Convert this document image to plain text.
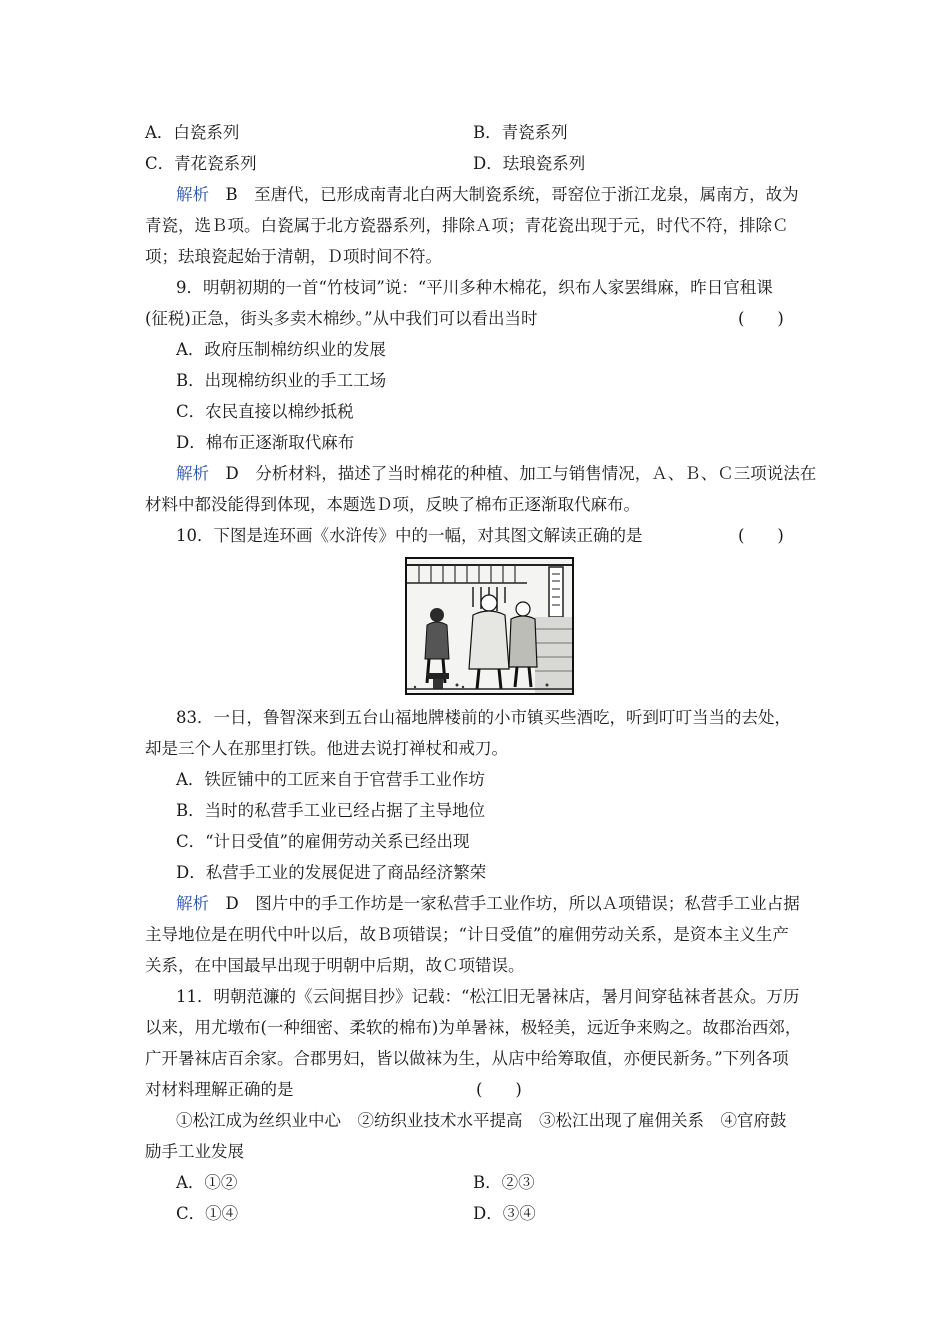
A．白瓷系列	B．青瓷系列
C．青花瓷系列	D．珐琅瓷系列
解析　 B　至唐代，已形成南青北白两大制瓷系统，哥窑位于浙江龙泉，属南方，故为
青瓷，选Ｂ项。白瓷属于北方瓷器系列，排除Ａ项；青花瓷出现于元，时代不符，排除Ｃ
项；珐琅瓷起始于清朝，Ｄ项时间不符。
9．明朝初期的一首“竹枝词”说：“平川多种木棉花，织布人家罢缉麻，昨日官租课
(征税)正急，街头多卖木棉纱。”从中我们可以看出当时	(　　)
A．政府压制棉纺织业的发展
B．出现棉纺织业的手工工场
C．农民直接以棉纱抵税
D．棉布正逐渐取代麻布
解析　 D　分析材料，描述了当时棉花的种植、加工与销售情况，Ａ、Ｂ、Ｃ三项说法在
材料中都没能得到体现，本题选Ｄ项，反映了棉布正逐渐取代麻布。
10．下图是连环画《水浒传》中的一幅，对其图文解读正确的是	(　　)
83．一日，鲁智深来到五台山福地牌楼前的小市镇买些酒吃，听到叮叮当当的去处，
却是三个人在那里打铁。他进去说打禅杖和戒刀。
A．铁匠铺中的工匠来自于官营手工业作坊
B．当时的私营手工业已经占据了主导地位
C．“计日受值”的雇佣劳动关系已经出现
D．私营手工业的发展促进了商品经济繁荣
解析　 D　图片中的手工作坊是一家私营手工业作坊，所以Ａ项错误；私营手工业占据
主导地位是在明代中叶以后，故Ｂ项错误；“计日受值”的雇佣劳动关系，是资本主义生产
关系，在中国最早出现于明朝中后期，故Ｃ项错误。
11．明朝范濂的《云间据目抄》记载：“松江旧无暑袜店，暑月间穿毡袜者甚众。万历
以来，用尤墩布(一种细密、柔软的棉布)为单暑袜，极轻美，远近争来购之。故郡治西郊，
广开暑袜店百余家。合郡男妇，皆以做袜为生，从店中给筹取值，亦便民新务。”下列各项
对材料理解正确的是	(　　)
①松江成为丝织业中心　②纺织业技术水平提高　③松江出现了雇佣关系　④官府鼓
励手工业发展
A．①②	B．②③
C．①④	D．③④
